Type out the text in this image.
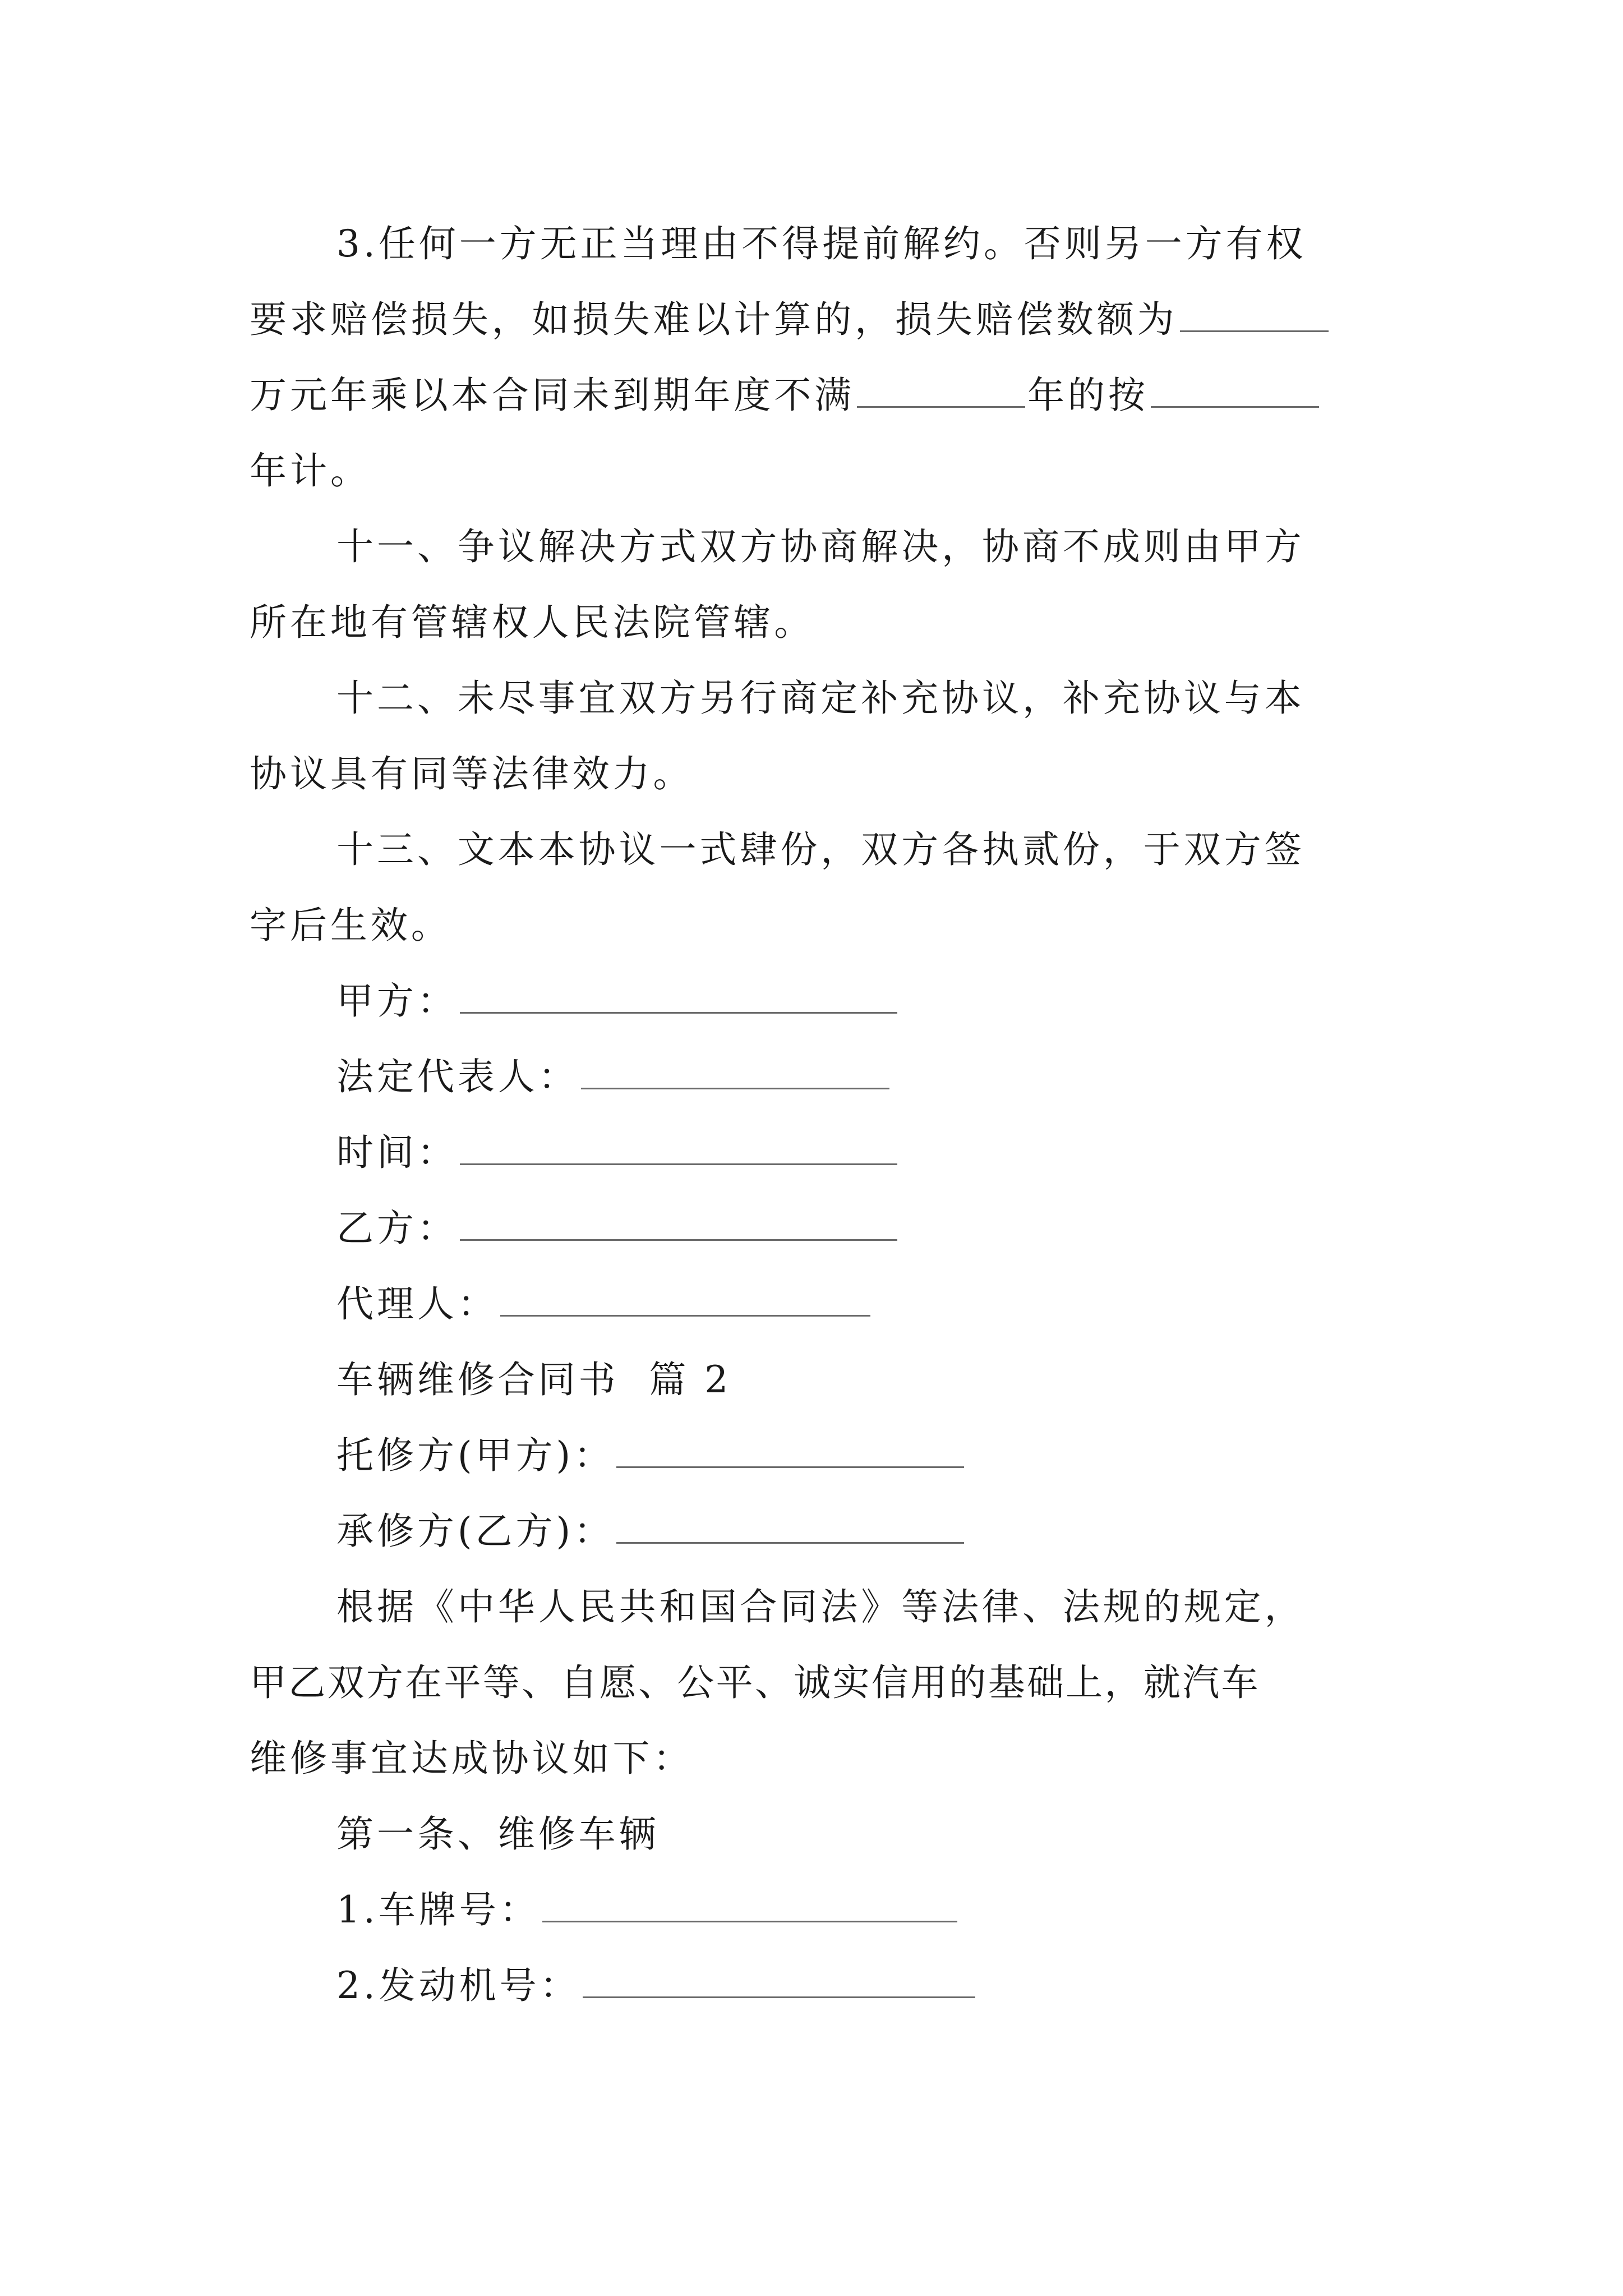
3.任何一方无正当理由不得提前解约。否则另一方有权
要求赔偿损失，如损失难以计算的，损失赔偿数额为
万元年乘以本合同未到期年度不满	年的按
年计。
十一、争议解决方式双方协商解决，协商不成则由甲方
所在地有管辖权人民法院管辖。
十二、未尽事宜双方另行商定补充协议，补充协议与本
协议具有同等法律效力。
十三、文本本协议一式肆份，双方各执贰份，于双方签
字后生效。
甲方：
法定代表人：
时间：
乙方：
代理人：
车辆维修合同书  篇 2
托修方(甲方)：
承修方(乙方)：
根据《中华人民共和国合同法》等法律、法规的规定，
甲乙双方在平等、自愿、公平、诚实信用的基础上，就汽车
维修事宜达成协议如下：
第一条、维修车辆
1.车牌号：
2.发动机号：
